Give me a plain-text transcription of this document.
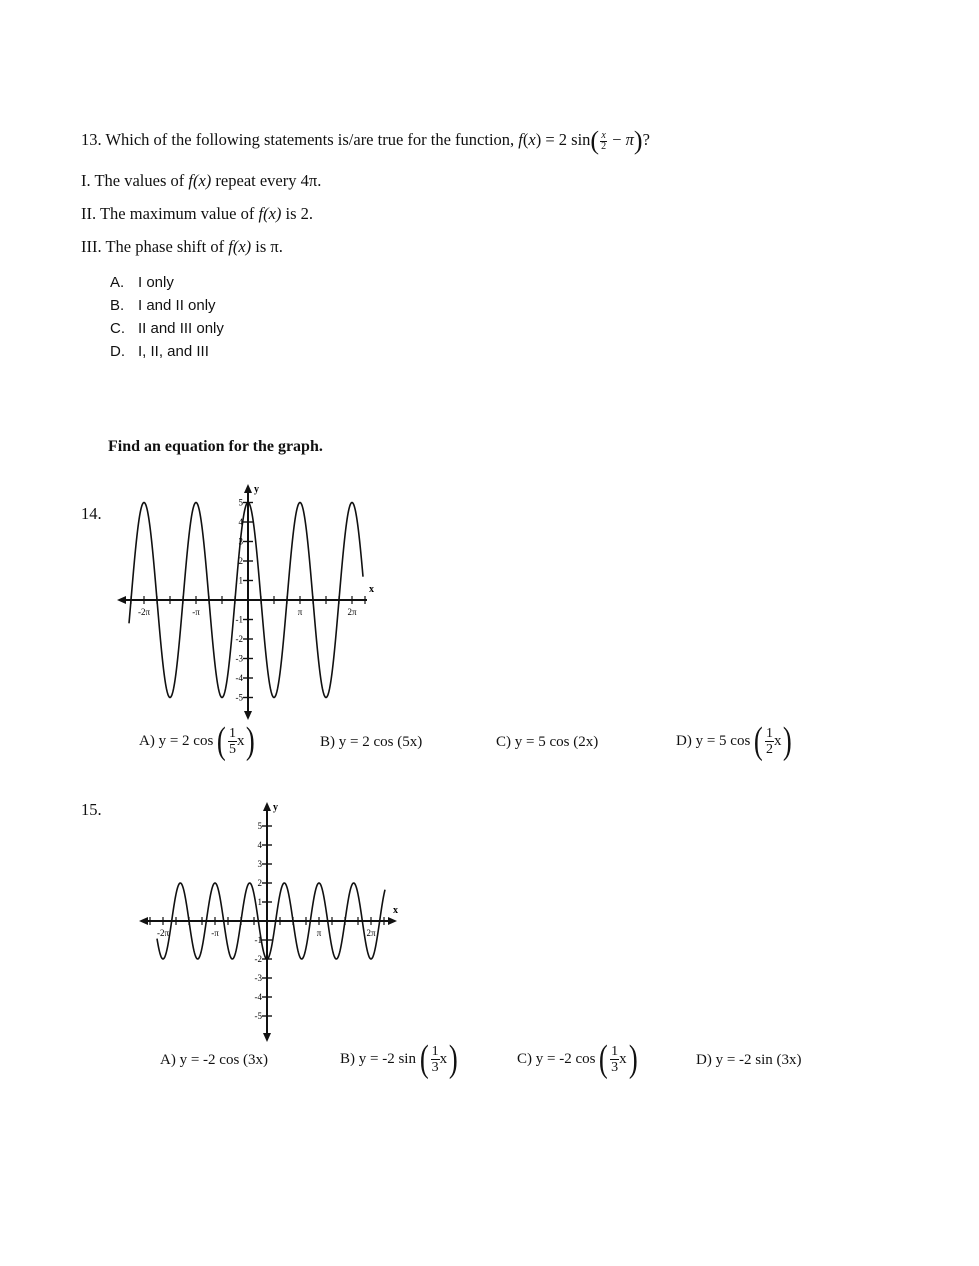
13. Which of the following statements is/are true for the function, f(x) = 2 $\sin( \frac{x}{2} - \pi)$?
I. The values of f(x) repeat every 4π.
II. The maximum value of f(x) is 2.
III. The phase shift of f(x) is π.
A. I only
B. I and II only
C. II and III only
D. I, II, and III
Find an equation for the graph.
14.
x
y
-2π	-π	π	2π
1
2
3
4
5
-1
-2
-3
-4
-5
A) y = 2 cos ( $\frac{1}{5}$ x )	B) y = 2 cos (5x)	C) y = 5 cos (2x)	D) y = 5 cos ( $\frac{1}{2}$ x )
15.
x
y
-2π	-π	π	2π
1
2
3
4
5
-1
-2
-3
-4
-5
A) y = -2 cos (3x)	B) y = -2 sin ( $\frac{1}{3}$ x )	C) y = -2 cos ( $\frac{1}{3}$ x )	D) y = -2 sin (3x)
